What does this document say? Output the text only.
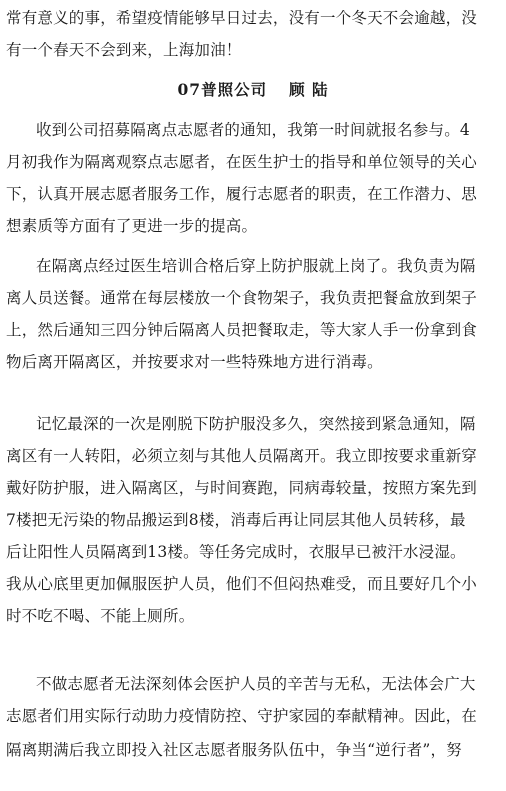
常有意义的事，希望疫情能够早日过去，没有一个冬天不会逾越，没
有一个春天不会到来，上海加油！
07普照公司 顾 陆
收到公司招募隔离点志愿者的通知，我第一时间就报名参与。4
月初我作为隔离观察点志愿者，在医生护士的指导和单位领导的关心
下，认真开展志愿者服务工作，履行志愿者的职责，在工作潜力、思
想素质等方面有了更进一步的提高。
在隔离点经过医生培训合格后穿上防护服就上岗了。我负责为隔
离人员送餐。通常在每层楼放一个食物架子，我负责把餐盒放到架子
上，然后通知三四分钟后隔离人员把餐取走，等大家人手一份拿到食
物后离开隔离区，并按要求对一些特殊地方进行消毒。
记忆最深的一次是刚脱下防护服没多久，突然接到紧急通知，隔
离区有一人转阳，必须立刻与其他人员隔离开。我立即按要求重新穿
戴好防护服，进入隔离区，与时间赛跑，同病毒较量，按照方案先到
7楼把无污染的物品搬运到8楼，消毒后再让同层其他人员转移，最
后让阳性人员隔离到13楼。等任务完成时，衣服早已被汗水浸湿。
我从心底里更加佩服医护人员，他们不但闷热难受，而且要好几个小
时不吃不喝、不能上厕所。
不做志愿者无法深刻体会医护人员的辛苦与无私，无法体会广大
志愿者们用实际行动助力疫情防控、守护家园的奉献精神。因此，在
隔离期满后我立即投入社区志愿者服务队伍中，争当“逆行者”，努
